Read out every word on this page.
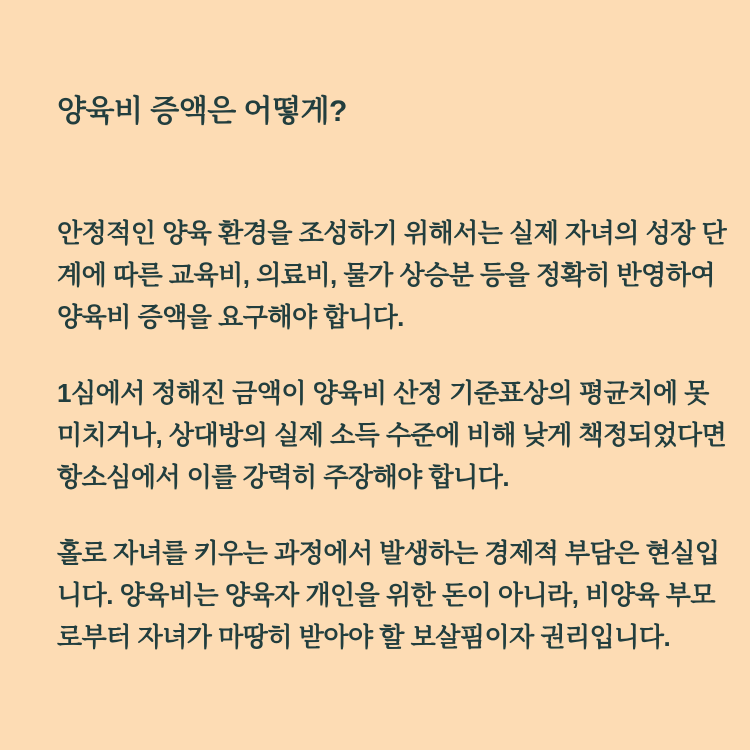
양육비 증액은 어떻게?
안정적인 양육 환경을 조성하기 위해서는 실제 자녀의 성장 단
계에 따른 교육비, 의료비, 물가 상승분 등을 정확히 반영하여
양육비 증액을 요구해야 합니다.
1심에서 정해진 금액이 양육비 산정 기준표상의 평균치에 못
미치거나, 상대방의 실제 소득 수준에 비해 낮게 책정되었다면
항소심에서 이를 강력히 주장해야 합니다.
홀로 자녀를 키우는 과정에서 발생하는 경제적 부담은 현실입
니다. 양육비는 양육자 개인을 위한 돈이 아니라, 비양육 부모
로부터 자녀가 마땅히 받아야 할 보살핌이자 권리입니다.
